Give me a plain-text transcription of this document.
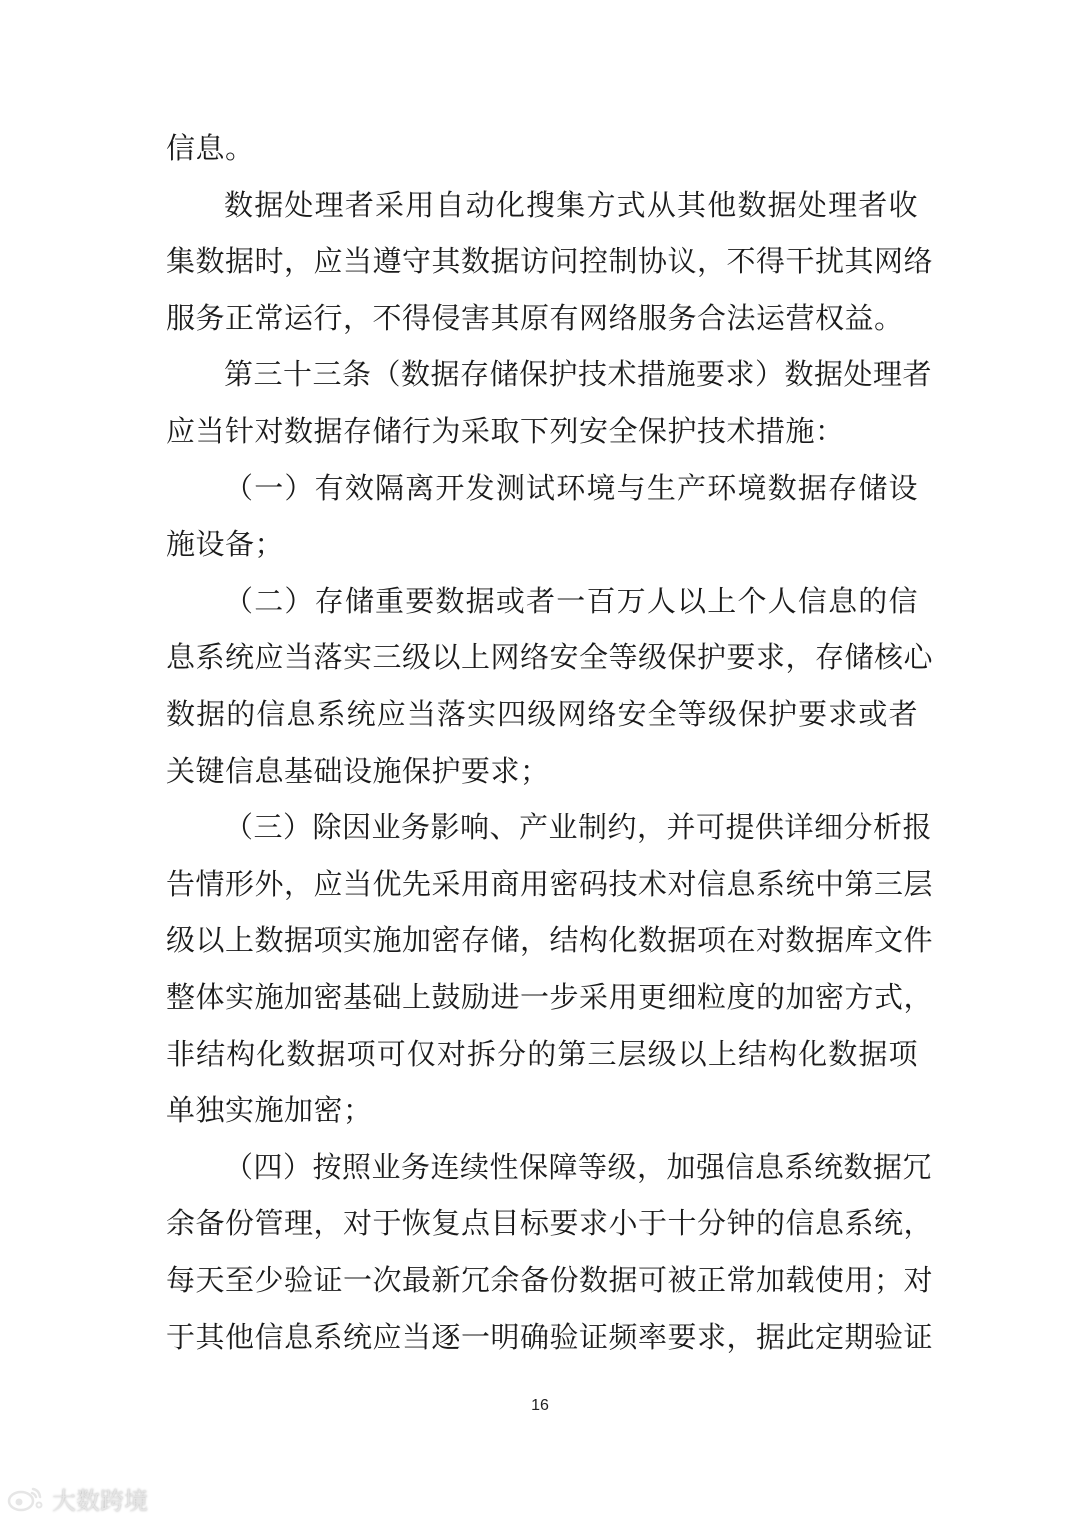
信息。
数据处理者采用自动化搜集方式从其他数据处理者收
集数据时，应当遵守其数据访问控制协议，不得干扰其网络
服务正常运行，不得侵害其原有网络服务合法运营权益。
第三十三条（数据存储保护技术措施要求）数据处理者
应当针对数据存储行为采取下列安全保护技术措施：
（一）有效隔离开发测试环境与生产环境数据存储设
施设备；
（二）存储重要数据或者一百万人以上个人信息的信
息系统应当落实三级以上网络安全等级保护要求，存储核心
数据的信息系统应当落实四级网络安全等级保护要求或者
关键信息基础设施保护要求；
（三）除因业务影响、产业制约，并可提供详细分析报
告情形外，应当优先采用商用密码技术对信息系统中第三层
级以上数据项实施加密存储，结构化数据项在对数据库文件
整体实施加密基础上鼓励进一步采用更细粒度的加密方式，
非结构化数据项可仅对拆分的第三层级以上结构化数据项
单独实施加密；
（四）按照业务连续性保障等级，加强信息系统数据冗
余备份管理，对于恢复点目标要求小于十分钟的信息系统，
每天至少验证一次最新冗余备份数据可被正常加载使用；对
于其他信息系统应当逐一明确验证频率要求，据此定期验证
16
大数跨境
